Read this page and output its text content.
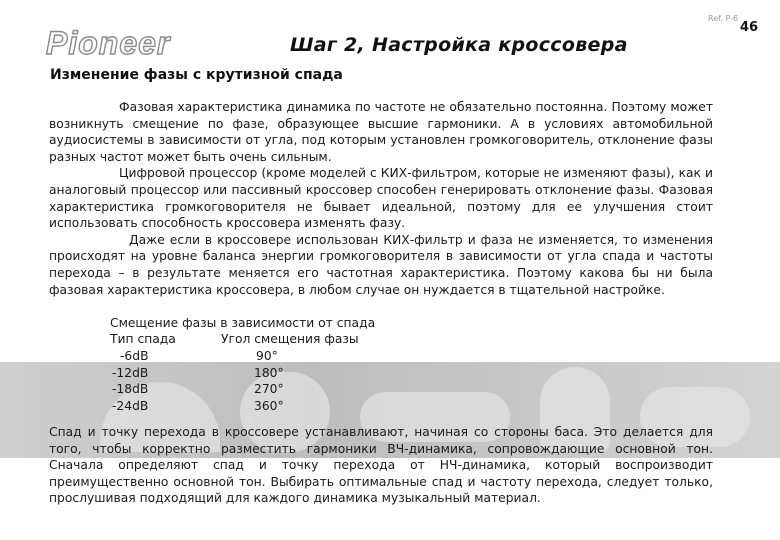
Pioneer	Шаг 2, Настройка кроссовера
Ref. P-6
46
Изменение фазы с крутизной спада

Фазовая характеристика динамика по частоте не обязательно постоянна. Поэтому может возникнуть смещение по фазе, образующее высшие гармоники. А в условиях автомобильной аудиосистемы в зависимости от угла, под которым установлен громкоговоритель, отклонение фазы разных частот может быть очень сильным.

Цифровой процессор (кроме моделей с КИХ-фильтром, которые не изменяют фазы), как и аналоговый процессор или пассивный кроссовер способен генерировать отклонение фазы. Фазовая характеристика громкоговорителя не бывает идеальной, поэтому для ее улучшения стоит использовать способность кроссовера изменять фазу.

Даже если в кроссовере использован КИХ-фильтр и фаза не изменяется, то изменения происходят на уровне баланса энергии громкоговорителя в зависимости от угла спада и частоты перехода – в результате меняется его частотная характеристика. Поэтому какова бы ни была фазовая характеристика кроссовера, в любом случае он нуждается в тщательной настройке.

Смещение фазы в зависимости от спада
Тип спада	Угол смещения фазы
-6dB	90°
-12dB	180°
-18dB	270°
-24dB	360°
Спад и точку перехода в кроссовере устанавливают, начиная со стороны баса. Это делается для того, чтобы корректно разместить гармоники ВЧ-динамика, сопровождающие основной тон. Сначала определяют спад и точку перехода от НЧ-динамика, который воспроизводит преимущественно основной тон. Выбирать оптимальные спад и частоту перехода, следует только, прослушивая подходящий для каждого динамика музыкальный материал.
